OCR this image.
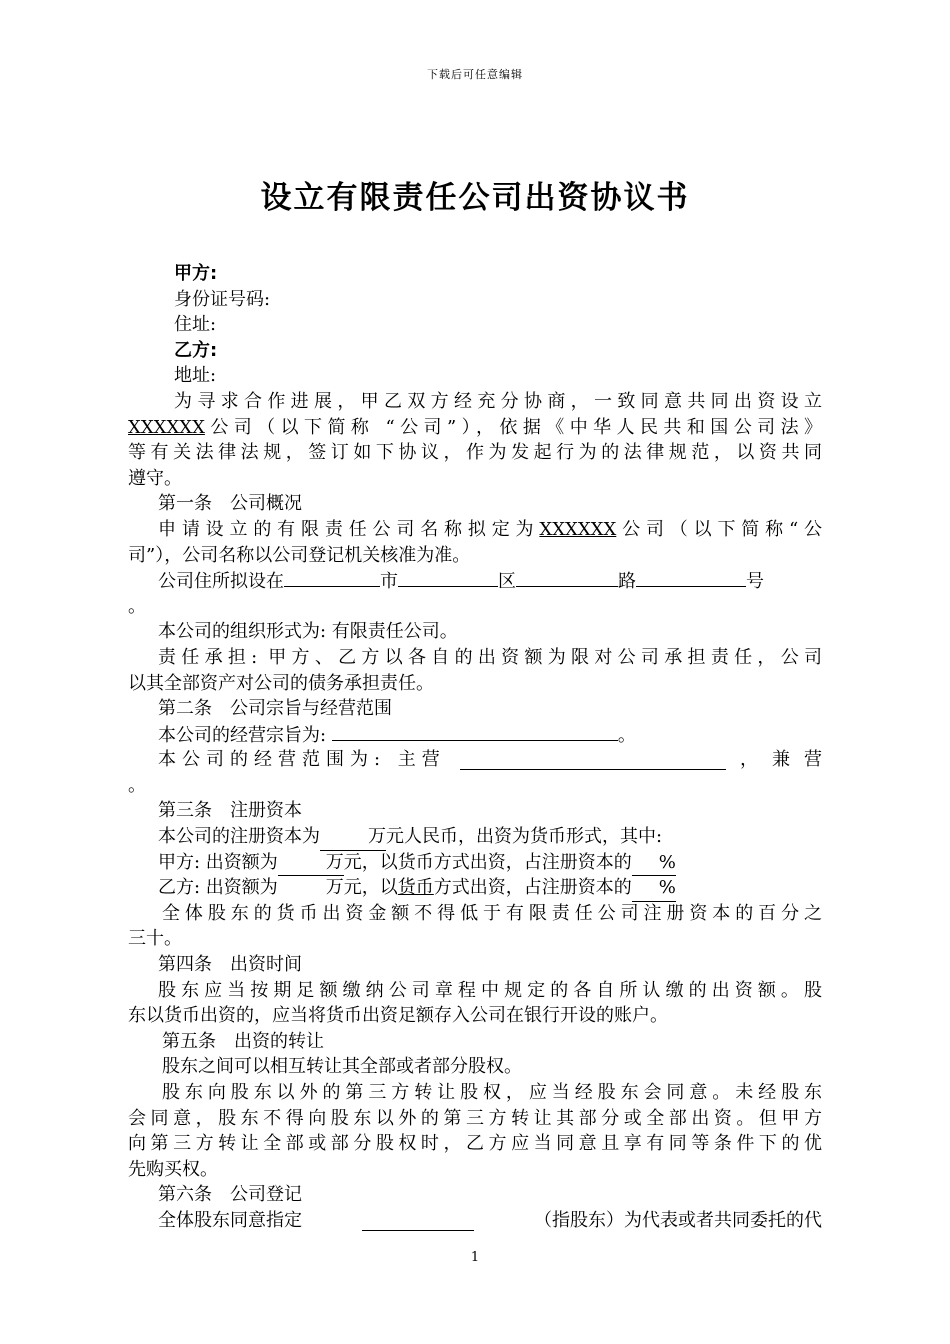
下载后可任意编辑
设立有限责任公司出资协议书
甲方:
身份证号码:
住址:
乙方:
地址:
为寻求合作进展，甲乙双方经充分协商，一致同意共同出资设立
XXXXXX公司（以下简称 “公司”），依据《中华人民共和国公司法》
等有关法律法规，签订如下协议，作为发起行为的法律规范，以资共同
遵守。
第一条　公司概况
申请设立的有限责任公司名称拟定为XXXXXX公司（以下简称“公
司”），公司名称以公司登记机关核准为准。
公司住所拟设在	市	区	路	号
。
本公司的组织形式为: 有限责任公司。
责任承担: 甲方、乙方以各自的出资额为限对公司承担责任，公司
以其全部资产对公司的债务承担责任。
第二条　公司宗旨与经营范围
本公司的经营宗旨为:	。
本公司的经营范围为: 主营	，兼营
。
第三条　注册资本
本公司的注册资本为	万元人民币，出资为货币形式，其中:
甲方: 出资额为	万元，以货币方式出资，占注册资本的 %
乙方: 出资额为	万元，以货币方式出资，占注册资本的 %
全体股东的货币出资金额不得低于有限责任公司注册资本的百分之
三十。
第四条　出资时间
股东应当按期足额缴纳公司章程中规定的各自所认缴的出资额。股
东以货币出资的，应当将货币出资足额存入公司在银行开设的账户。
第五条　出资的转让
股东之间可以相互转让其全部或者部分股权。
股东向股东以外的第三方转让股权，应当经股东会同意。未经股东
会同意，股东不得向股东以外的第三方转让其部分或全部出资。但甲方
向第三方转让全部或部分股权时，乙方应当同意且享有同等条件下的优
先购买权。
第六条　公司登记
全体股东同意指定	（指股东）为代表或者共同委托的代
1
